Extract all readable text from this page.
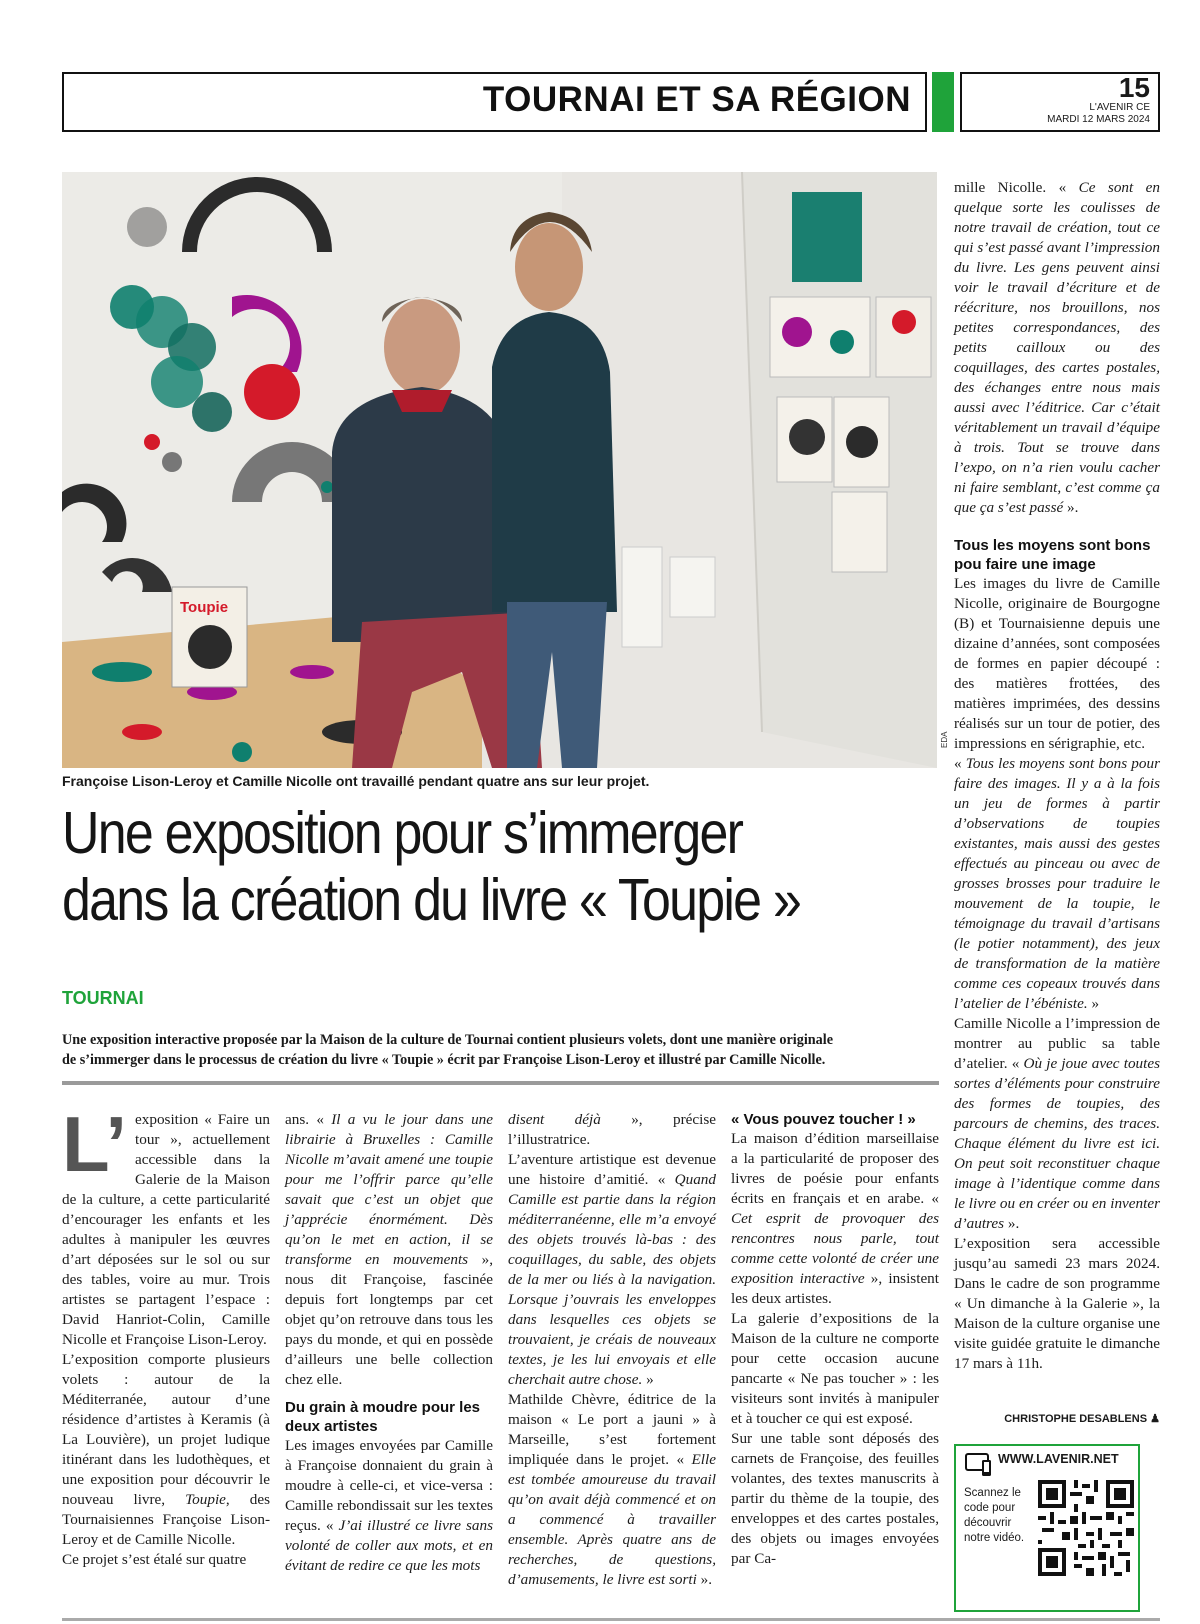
TOURNAI ET SA RÉGION	15
L'AVENIR CE
MARDI 12 MARS 2024
Toupie
EDA
Françoise Lison-Leroy et Camille Nicolle ont travaillé pendant quatre ans sur leur projet.
Une exposition pour s’immerger
dans la création du livre « Toupie »
TOURNAI
Une exposition interactive proposée par la Maison de la culture de Tournai contient plusieurs volets, dont une manière originale
de s’immerger dans le processus de création du livre « Toupie » écrit par Françoise Lison-Leroy et illustré par Camille Nicolle.
L’ exposition « Faire un tour », actuellement accessible dans la Galerie de la Maison de la culture, a cette particularité d’encourager les enfants et les adultes à manipuler les œuvres d’art déposées sur le sol ou sur des tables, voire au mur. Trois artistes se partagent l’espace : David Hanriot-Colin, Camille Nicolle et Françoise Lison-Leroy.

L’exposition comporte plusieurs volets : autour de la Méditerranée, autour d’une résidence d’artistes à Keramis (à La Louvière), un projet ludique itinérant dans les ludothèques, et une exposition pour découvrir le nouveau livre, Toupie, des Tournaisiennes Françoise Lison-Leroy et de Camille Nicolle.

Ce projet s’est étalé sur quatre

ans. « Il a vu le jour dans une librairie à Bruxelles : Camille Nicolle m’avait amené une toupie pour me l’offrir parce qu’elle savait que c’est un objet que j’apprécie énormément. Dès qu’on le met en action, il se transforme en mouvements », nous dit Françoise, fascinée depuis fort longtemps par cet objet qu’on retrouve dans tous les pays du monde, et qui en possède d’ailleurs une belle collection chez elle.

Du grain à moudre pour les deux artistes

Les images envoyées par Camille à Françoise donnaient du grain à moudre à celle-ci, et vice-versa : Camille rebondissait sur les textes reçus. « J’ai illustré ce livre sans volonté de coller aux mots, et en évitant de redire ce que les mots

disent déjà », précise l’illustratrice.

L’aventure artistique est devenue une histoire d’amitié. « Quand Camille est partie dans la région méditerranéenne, elle m’a envoyé des objets trouvés là-bas : des coquillages, du sable, des objets de la mer ou liés à la navigation. Lorsque j’ouvrais les enveloppes dans lesquelles ces objets se trouvaient, je créais de nouveaux textes, je les lui envoyais et elle cherchait autre chose. »

Mathilde Chèvre, éditrice de la maison « Le port a jauni » à Marseille, s’est fortement impliquée dans le projet. « Elle est tombée amoureuse du travail qu’on avait déjà commencé et on a commencé à travailler ensemble. Après quatre ans de recherches, de questions, d’amusements, le livre est sorti ».

« Vous pouvez toucher ! »

La maison d’édition marseillaise a la particularité de proposer des livres de poésie pour enfants écrits en français et en arabe. « Cet esprit de provoquer des rencontres nous parle, tout comme cette volonté de créer une exposition interactive », insistent les deux artistes.

La galerie d’expositions de la Maison de la culture ne comporte pour cette occasion aucune pancarte « Ne pas toucher » : les visiteurs sont invités à manipuler et à toucher ce qui est exposé.

Sur une table sont déposés des carnets de Françoise, des feuilles volantes, des textes manuscrits à partir du thème de la toupie, des enveloppes et des cartes postales, des objets ou images envoyées par Ca-

mille Nicolle. « Ce sont en quelque sorte les coulisses de notre travail de création, tout ce qui s’est passé avant l’impression du livre. Les gens peuvent ainsi voir le travail d’écriture et de réécriture, nos brouillons, nos petites correspondances, des petits cailloux ou des coquillages, des cartes postales, des échanges entre nous mais aussi avec l’éditrice. Car c’était véritablement un travail d’équipe à trois. Tout se trouve dans l’expo, on n’a rien voulu cacher ni faire semblant, c’est comme ça que ça s’est passé ».

Tous les moyens sont bons pou faire une image

Les images du livre de Camille Nicolle, originaire de Bourgogne (B) et Tournaisienne depuis une dizaine d’années, sont composées de formes en papier découpé : des matières frottées, des matières imprimées, des dessins réalisés sur un tour de potier, des impressions en sérigraphie, etc.

« Tous les moyens sont bons pour faire des images. Il y a à la fois un jeu de formes à partir d’observations de toupies existantes, mais aussi des gestes effectués au pinceau ou avec de grosses brosses pour traduire le mouvement de la toupie, le témoignage du travail d’artisans (le potier notamment), des jeux de transformation de la matière comme ces copeaux trouvés dans l’atelier de l’ébéniste. »

Camille Nicolle a l’impression de montrer au public sa table d’atelier. « Où je joue avec toutes sortes d’éléments pour construire des formes de toupies, des parcours de chemins, des traces. Chaque élément du livre est ici. On peut soit reconstituer chaque image à l’identique comme dans le livre ou en créer ou en inventer d’autres ».

L’exposition sera accessible jusqu’au samedi 23 mars 2024. Dans le cadre de son programme « Un dimanche à la Galerie », la Maison de la culture organise une visite guidée gratuite le dimanche 17 mars à 11h.

CHRISTOPHE DESABLENS ♟
WWW.LAVENIR.NET
Scannez le code pour découvrir notre vidéo.
